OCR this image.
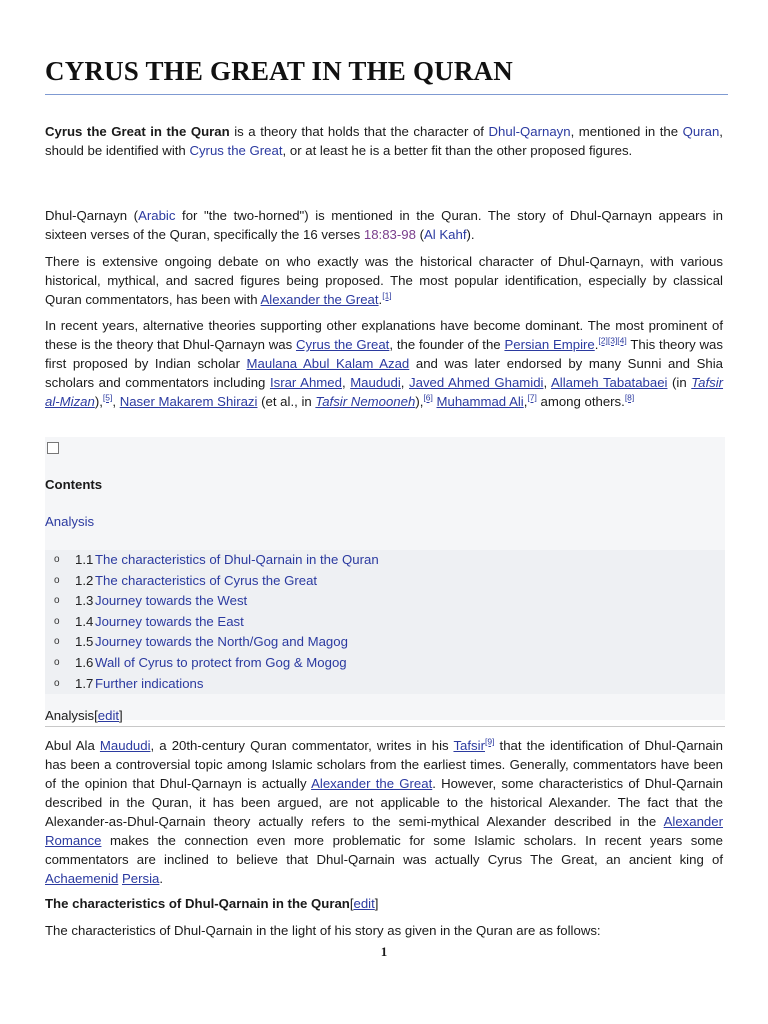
CYRUS THE GREAT IN THE QURAN
Cyrus the Great in the Quran is a theory that holds that the character of Dhul-Qarnayn, mentioned in the Quran, should be identified with Cyrus the Great, or at least he is a better fit than the other proposed figures.
Dhul-Qarnayn (Arabic for "the two-horned") is mentioned in the Quran. The story of Dhul-Qarnayn appears in sixteen verses of the Quran, specifically the 16 verses 18:83-98 (Al Kahf).
There is extensive ongoing debate on who exactly was the historical character of Dhul-Qarnayn, with various historical, mythical, and sacred figures being proposed. The most popular identification, especially by classical Quran commentators, has been with Alexander the Great.[1]
In recent years, alternative theories supporting other explanations have become dominant. The most prominent of these is the theory that Dhul-Qarnayn was Cyrus the Great, the founder of the Persian Empire.[2][3][4] This theory was first proposed by Indian scholar Maulana Abul Kalam Azad and was later endorsed by many Sunni and Shia scholars and commentators including Israr Ahmed, Maududi, Javed Ahmed Ghamidi, Allameh Tabatabaei (in Tafsir al-Mizan),[5], Naser Makarem Shirazi (et al., in Tafsir Nemooneh),[6] Muhammad Ali,[7] among others.[8]
Contents
Analysis
o 1.1 The characteristics of Dhul-Qarnain in the Quran
o 1.2 The characteristics of Cyrus the Great
o 1.3 Journey towards the West
o 1.4 Journey towards the East
o 1.5 Journey towards the North/Gog and Magog
o 1.6 Wall of Cyrus to protect from Gog & Mogog
o 1.7 Further indications
Analysis[edit]
Abul Ala Maududi, a 20th-century Quran commentator, writes in his Tafsir[9] that the identification of Dhul-Qarnain has been a controversial topic among Islamic scholars from the earliest times. Generally, commentators have been of the opinion that Dhul-Qarnayn is actually Alexander the Great. However, some characteristics of Dhul-Qarnain described in the Quran, it has been argued, are not applicable to the historical Alexander. The fact that the Alexander-as-Dhul-Qarnain theory actually refers to the semi-mythical Alexander described in the Alexander Romance makes the connection even more problematic for some Islamic scholars. In recent years some commentators are inclined to believe that Dhul-Qarnain was actually Cyrus The Great, an ancient king of Achaemenid Persia.
The characteristics of Dhul-Qarnain in the Quran[edit]
The characteristics of Dhul-Qarnain in the light of his story as given in the Quran are as follows:
1
